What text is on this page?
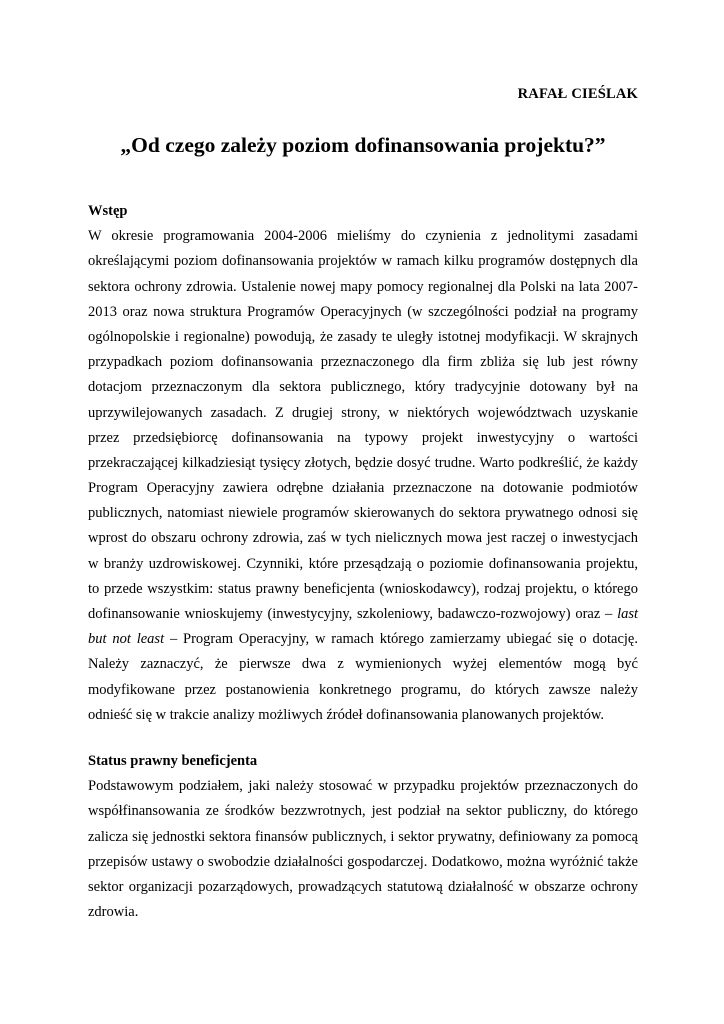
RAFAŁ CIEŚLAK
„Od czego zależy poziom dofinansowania projektu?”

Wstęp

W okresie programowania 2004-2006 mieliśmy do czynienia z jednolitymi zasadami
określającymi poziom dofinansowania projektów w ramach kilku programów dostępnych dla
sektora ochrony zdrowia. Ustalenie nowej mapy pomocy regionalnej dla Polski na lata 2007-
2013 oraz nowa struktura Programów Operacyjnych (w szczególności podział na programy
ogólnopolskie i regionalne) powodują, że zasady te uległy istotnej modyfikacji. W skrajnych
przypadkach poziom dofinansowania przeznaczonego dla firm zbliża się lub jest równy
dotacjom przeznaczonym dla sektora publicznego, który tradycyjnie dotowany był na
uprzywilejowanych zasadach. Z drugiej strony, w niektórych województwach uzyskanie
przez przedsiębiorcę dofinansowania na typowy projekt inwestycyjny o wartości
przekraczającej kilkadziesiąt tysięcy złotych, będzie dosyć trudne. Warto podkreślić, że każdy
Program Operacyjny zawiera odrębne działania przeznaczone na dotowanie podmiotów
publicznych, natomiast niewiele programów skierowanych do sektora prywatnego odnosi się
wprost do obszaru ochrony zdrowia, zaś w tych nielicznych mowa jest raczej o inwestycjach
w branży uzdrowiskowej. Czynniki, które przesądzają o poziomie dofinansowania projektu,
to przede wszystkim: status prawny beneficjenta (wnioskodawcy), rodzaj projektu, o którego
dofinansowanie wnioskujemy (inwestycyjny, szkoleniowy, badawczo-rozwojowy) oraz – last
but not least – Program Operacyjny, w ramach którego zamierzamy ubiegać się o dotację.
Należy zaznaczyć, że pierwsze dwa z wymienionych wyżej elementów mogą być
modyfikowane przez postanowienia konkretnego programu, do których zawsze należy
odnieść się w trakcie analizy możliwych źródeł dofinansowania planowanych projektów.

Status prawny beneficjenta

Podstawowym podziałem, jaki należy stosować w przypadku projektów przeznaczonych do
współfinansowania ze środków bezzwrotnych, jest podział na sektor publiczny, do którego
zalicza się jednostki sektora finansów publicznych, i sektor prywatny, definiowany za pomocą
przepisów ustawy o swobodzie działalności gospodarczej. Dodatkowo, można wyróżnić także
sektor organizacji pozarządowych, prowadzących statutową działalność w obszarze ochrony
zdrowia.
